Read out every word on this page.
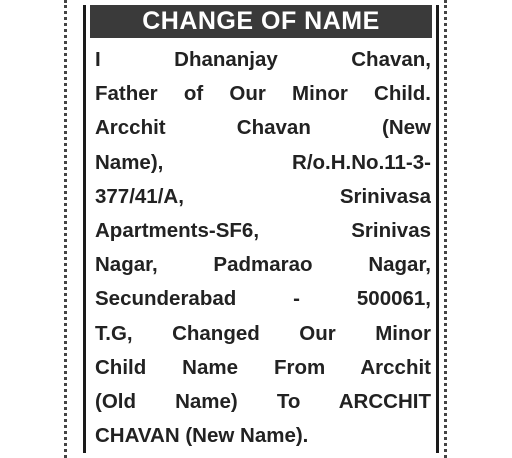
CHANGE OF NAME
I Dhananjay Chavan,
Father of Our Minor Child.
Arcchit Chavan (New
Name), R/o.H.No.11-3-
377/41/A, Srinivasa
Apartments-SF6, Srinivas
Nagar, Padmarao Nagar,
Secunderabad - 500061,
T.G, Changed Our Minor
Child Name From Arcchit
(Old Name) To ARCCHIT
CHAVAN (New Name).
